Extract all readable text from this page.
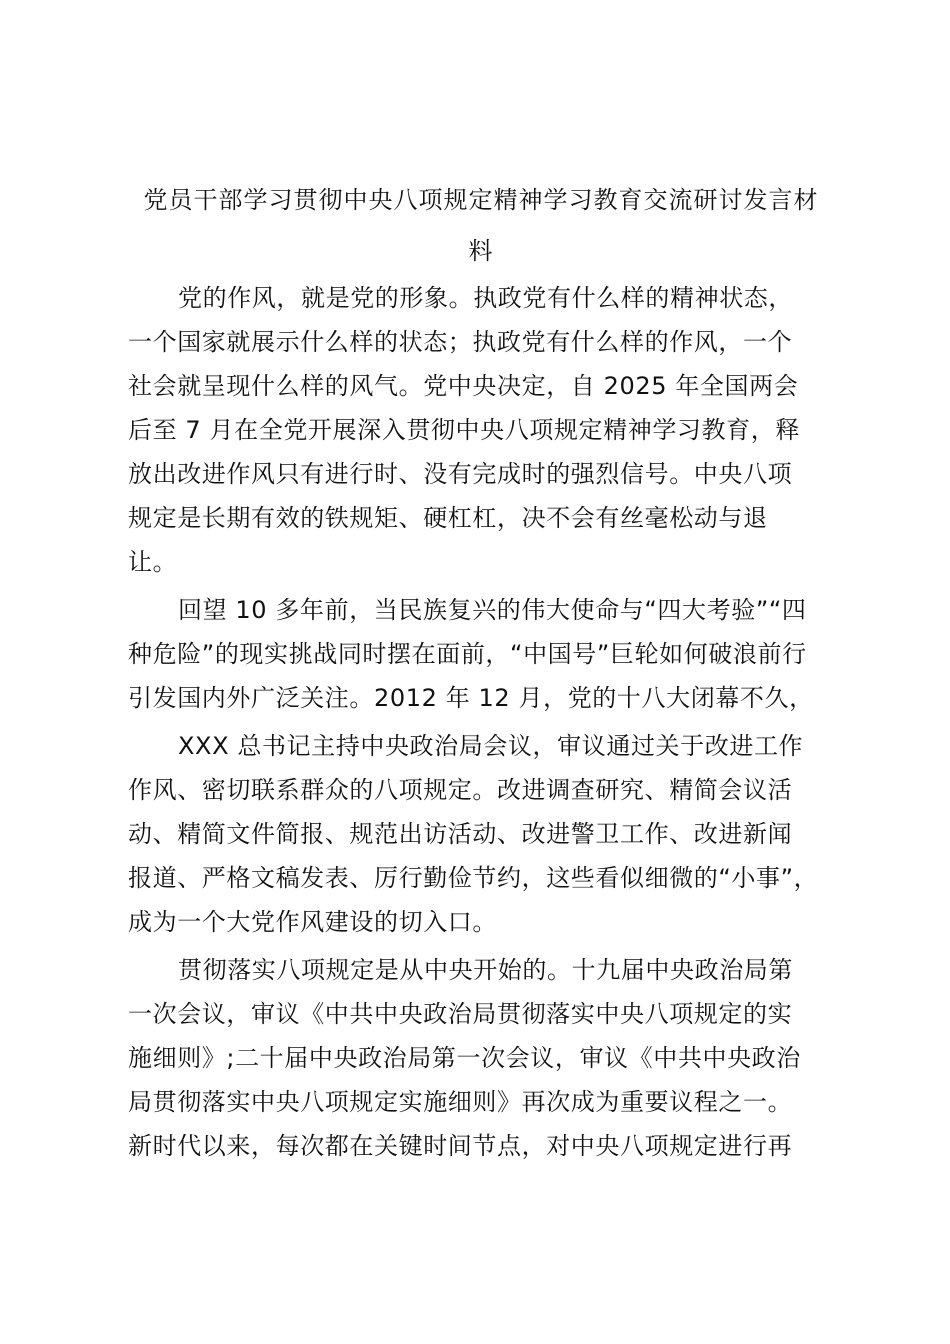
党员干部学习贯彻中央八项规定精神学习教育交流研讨发言材
料

党的作风，就是党的形象。执政党有什么样的精神状态，

一个国家就展示什么样的状态；执政党有什么样的作风，一个

社会就呈现什么样的风气。党中央决定，自 2025 年全国两会

后至 7 月在全党开展深入贯彻中央八项规定精神学习教育，释

放出改进作风只有进行时、没有完成时的强烈信号。中央八项

规定是长期有效的铁规矩、硬杠杠，决不会有丝毫松动与退

让。

回望 10 多年前，当民族复兴的伟大使命与“四大考验”“四

种危险”的现实挑战同时摆在面前，“中国号”巨轮如何破浪前行

引发国内外广泛关注。2012 年 12 月，党的十八大闭幕不久，

XXX 总书记主持中央政治局会议，审议通过关于改进工作

作风、密切联系群众的八项规定。改进调查研究、精简会议活

动、精简文件简报、规范出访活动、改进警卫工作、改进新闻

报道、严格文稿发表、厉行勤俭节约，这些看似细微的“小事”，

成为一个大党作风建设的切入口。

贯彻落实八项规定是从中央开始的。十九届中央政治局第

一次会议，审议《中共中央政治局贯彻落实中央八项规定的实

施细则》;二十届中央政治局第一次会议，审议《中共中央政治

局贯彻落实中央八项规定实施细则》再次成为重要议程之一。

新时代以来，每次都在关键时间节点，对中央八项规定进行再
